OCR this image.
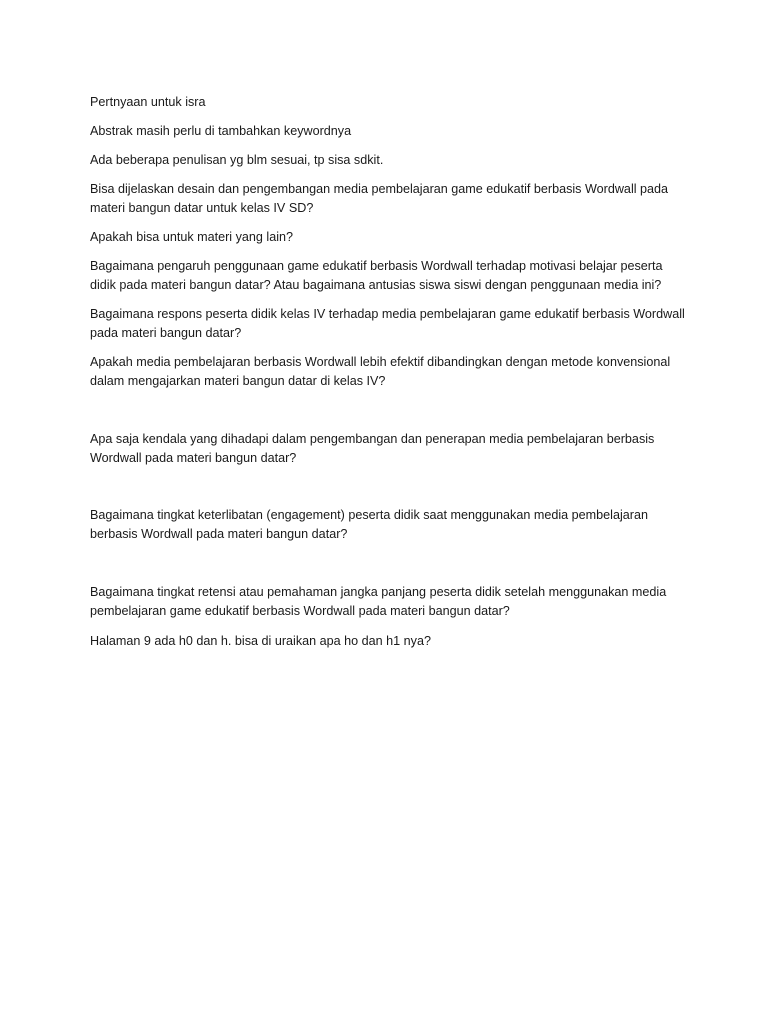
Pertnyaan untuk isra

Abstrak masih perlu di tambahkan keywordnya

Ada beberapa penulisan yg blm sesuai, tp sisa sdkit.

Bisa dijelaskan desain dan pengembangan media pembelajaran game edukatif berbasis Wordwall pada materi bangun datar untuk kelas IV SD?

Apakah bisa untuk materi yang lain?

Bagaimana pengaruh penggunaan game edukatif berbasis Wordwall terhadap motivasi belajar peserta didik pada materi bangun datar? Atau bagaimana antusias siswa siswi dengan penggunaan media ini?

Bagaimana respons peserta didik kelas IV terhadap media pembelajaran game edukatif berbasis Wordwall pada materi bangun datar?

Apakah media pembelajaran berbasis Wordwall lebih efektif dibandingkan dengan metode konvensional dalam mengajarkan materi bangun datar di kelas IV?

Apa saja kendala yang dihadapi dalam pengembangan dan penerapan media pembelajaran berbasis Wordwall pada materi bangun datar?

Bagaimana tingkat keterlibatan (engagement) peserta didik saat menggunakan media pembelajaran berbasis Wordwall pada materi bangun datar?

Bagaimana tingkat retensi atau pemahaman jangka panjang peserta didik setelah menggunakan media pembelajaran game edukatif berbasis Wordwall pada materi bangun datar?

Halaman 9 ada h0 dan h. bisa di uraikan apa ho dan h1 nya?
